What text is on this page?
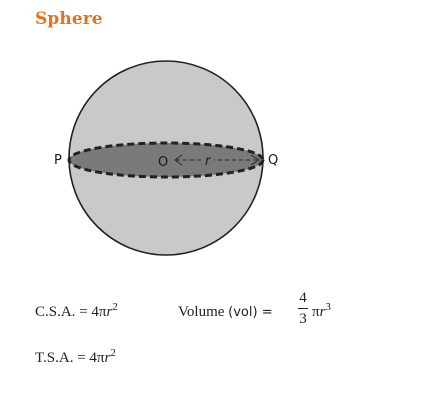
Sphere
O	r
P	Q
C.S.A. = $4\pi r^2$
T.S.A. = $4\pi r^2$
Volume (vol) =
4
3 $\pi r^3$
